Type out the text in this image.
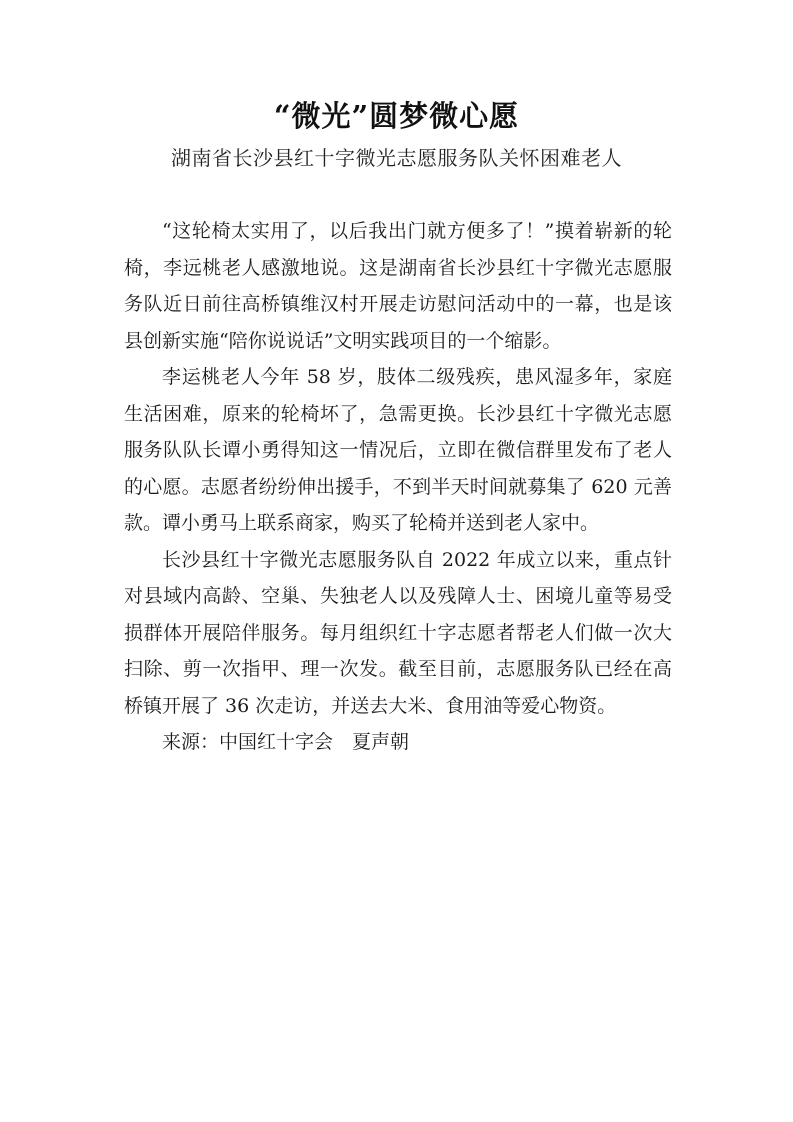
“微光”圆梦微心愿
湖南省长沙县红十字微光志愿服务队关怀困难老人

“这轮椅太实用了，以后我出门就方便多了！”摸着崭新的轮椅，李远桃老人感激地说。这是湖南省长沙县红十字微光志愿服务队近日前往高桥镇维汉村开展走访慰问活动中的一幕，也是该县创新实施“陪你说说话”文明实践项目的一个缩影。

李运桃老人今年 58 岁，肢体二级残疾，患风湿多年，家庭生活困难，原来的轮椅坏了，急需更换。长沙县红十字微光志愿服务队队长谭小勇得知这一情况后，立即在微信群里发布了老人的心愿。志愿者纷纷伸出援手，不到半天时间就募集了 620 元善款。谭小勇马上联系商家，购买了轮椅并送到老人家中。

长沙县红十字微光志愿服务队自 2022 年成立以来，重点针对县域内高龄、空巢、失独老人以及残障人士、困境儿童等易受损群体开展陪伴服务。每月组织红十字志愿者帮老人们做一次大扫除、剪一次指甲、理一次发。截至目前，志愿服务队已经在高桥镇开展了 36 次走访，并送去大米、食用油等爱心物资。

来源：中国红十字会　夏声朝
